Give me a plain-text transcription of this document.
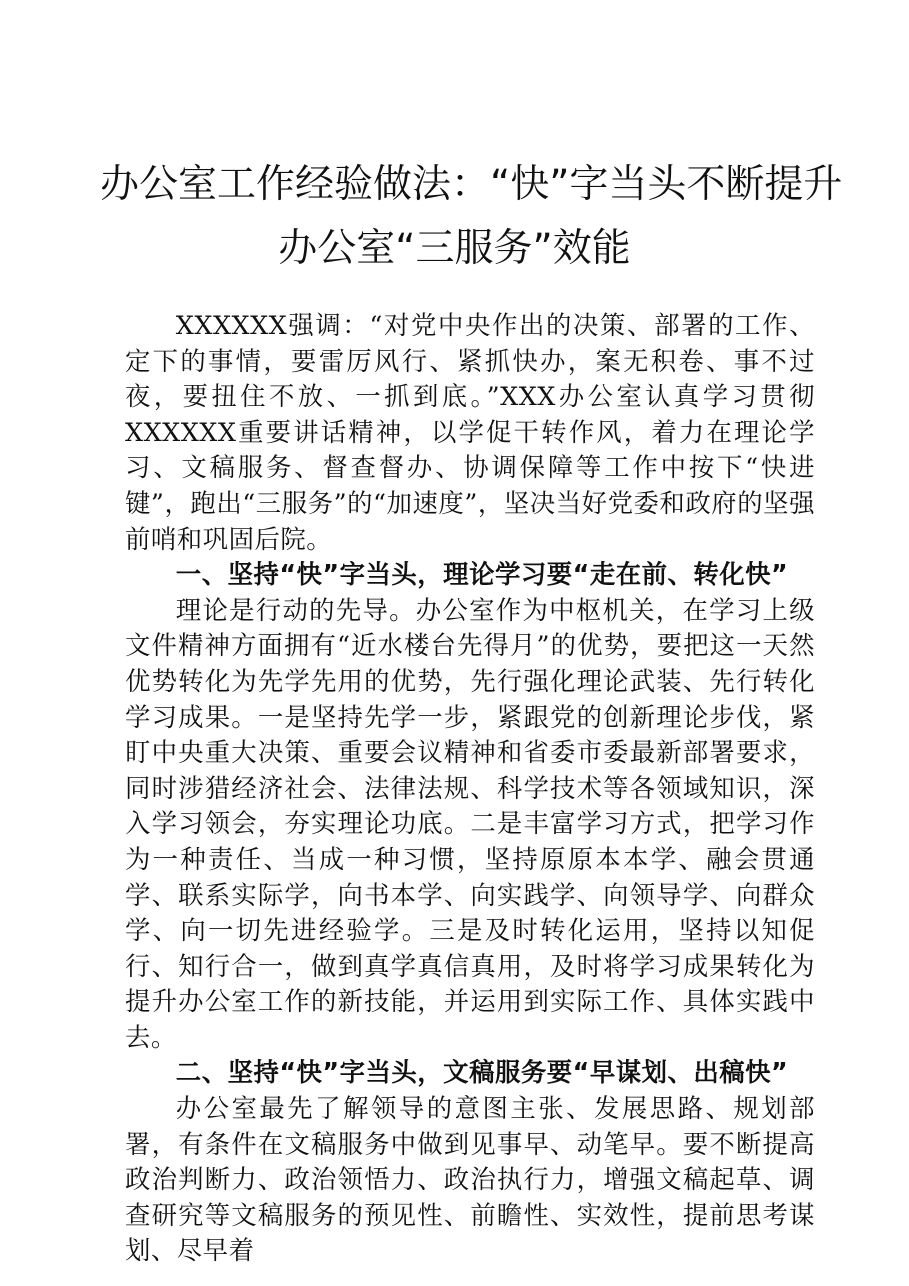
办公室工作经验做法：“快”字当头不断提升
办公室“三服务”效能

XXXXXX强调：“对党中央作出的决策、部署的工作、定下的事情，要雷厉风行、紧抓快办，案无积卷、事不过夜，要扭住不放、一抓到底。”XXX办公室认真学习贯彻XXXXXX重要讲话精神，以学促干转作风，着力在理论学习、文稿服务、督查督办、协调保障等工作中按下“快进键”，跑出“三服务”的“加速度”，坚决当好党委和政府的坚强前哨和巩固后院。

一、坚持“快”字当头，理论学习要“走在前、转化快”

理论是行动的先导。办公室作为中枢机关，在学习上级文件精神方面拥有“近水楼台先得月”的优势，要把这一天然优势转化为先学先用的优势，先行强化理论武装、先行转化学习成果。一是坚持先学一步，紧跟党的创新理论步伐，紧盯中央重大决策、重要会议精神和省委市委最新部署要求，同时涉猎经济社会、法律法规、科学技术等各领域知识，深入学习领会，夯实理论功底。二是丰富学习方式，把学习作为一种责任、当成一种习惯，坚持原原本本学、融会贯通学、联系实际学，向书本学、向实践学、向领导学、向群众学、向一切先进经验学。三是及时转化运用，坚持以知促行、知行合一，做到真学真信真用，及时将学习成果转化为提升办公室工作的新技能，并运用到实际工作、具体实践中去。

二、坚持“快”字当头，文稿服务要“早谋划、出稿快”

办公室最先了解领导的意图主张、发展思路、规划部署，有条件在文稿服务中做到见事早、动笔早。要不断提高政治判断力、政治领悟力、政治执行力，增强文稿起草、调查研究等文稿服务的预见性、前瞻性、实效性，提前思考谋划、尽早着
